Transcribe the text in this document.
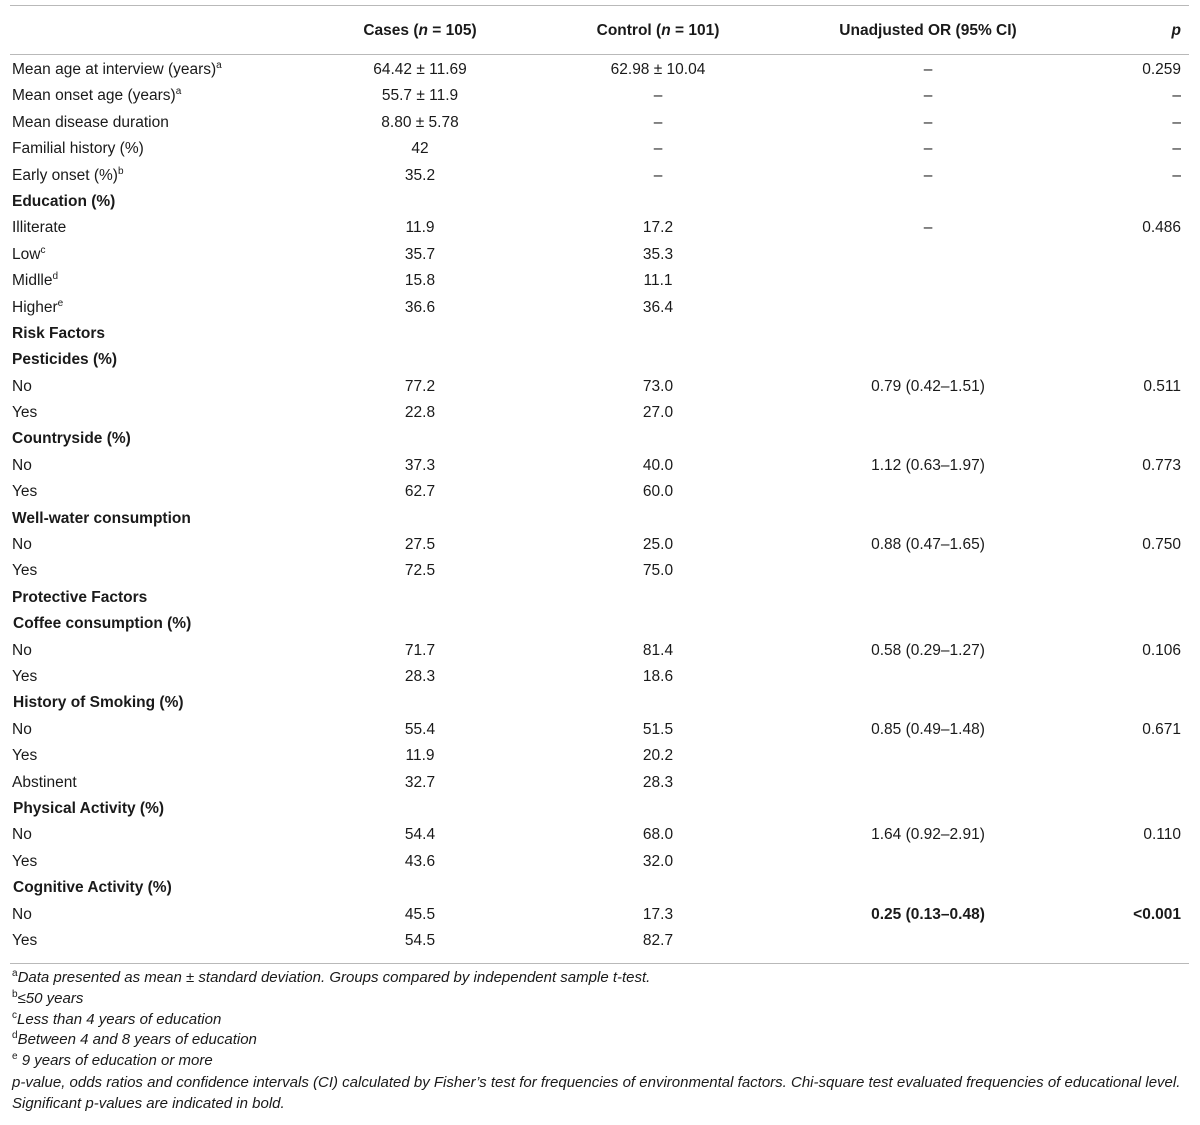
Cases (n = 105)	Control (n = 101)	Unadjusted OR (95% CI)	p
Mean age at interview (years)$^a$	64.42 ± 11.69	62.98 ± 10.04	–	0.259
Mean onset age (years)$^a$	55.7 ± 11.9	–	–	–
Mean disease duration	8.80 ± 5.78	–	–	–
Familial history (%)	42	–	–	–
Early onset (%)$^b$	35.2	–	–	–
Education (%)
Illiterate	11.9	17.2	–	0.486
Low$^c$	35.7	35.3
Midlle$^d$	15.8	11.1
Higher$^e$	36.6	36.4
Risk Factors
Pesticides (%)
No	77.2	73.0	0.79 (0.42–1.51)	0.511
Yes	22.8	27.0
Countryside (%)
No	37.3	40.0	1.12 (0.63–1.97)	0.773
Yes	62.7	60.0
Well-water consumption
No	27.5	25.0	0.88 (0.47–1.65)	0.750
Yes	72.5	75.0
Protective Factors
Coffee consumption (%)
No	71.7	81.4	0.58 (0.29–1.27)	0.106
Yes	28.3	18.6
History of Smoking (%)
No	55.4	51.5	0.85 (0.49–1.48)	0.671
Yes	11.9	20.2
Abstinent	32.7	28.3
Physical Activity (%)
No	54.4	68.0	1.64 (0.92–2.91)	0.110
Yes	43.6	32.0
Cognitive Activity (%)
No	45.5	17.3	0.25 (0.13–0.48)	<0.001
Yes	54.5	82.7
$^a$Data presented as mean ± standard deviation. Groups compared by independent sample t-test.
$^b$≤50 years
$^c$Less than 4 years of education
$^d$Between 4 and 8 years of education
$^e$ 9 years of education or more
p-value, odds ratios and confidence intervals (CI) calculated by Fisher’s test for frequencies of environmental factors. Chi-square test evaluated frequencies of educational level. Significant p-values are indicated in bold.
